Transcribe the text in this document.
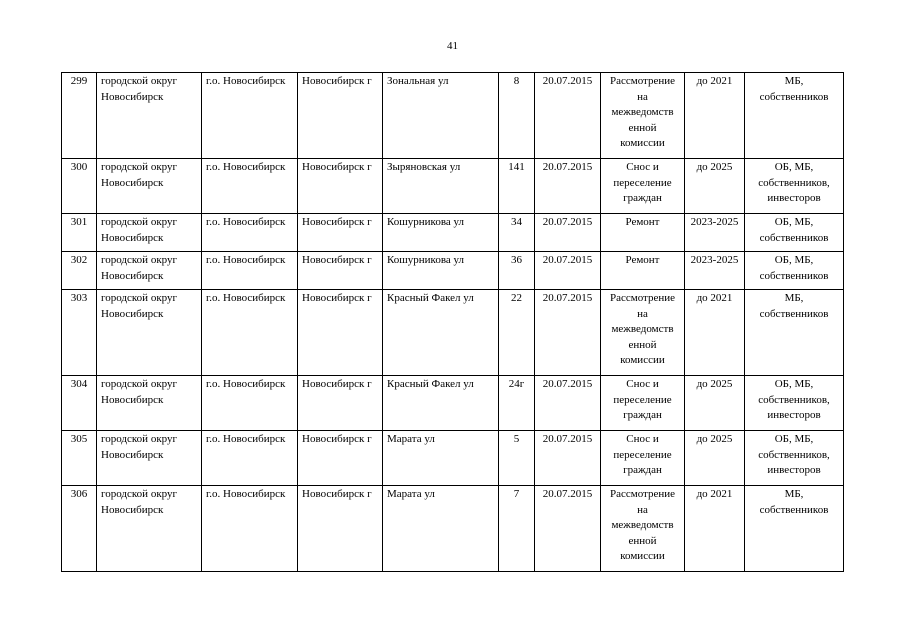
41
299	городской округ Новосибирск	г.о. Новосибирск	Новосибирск г	Зональная ул	8	20.07.2015	Рассмотрение на межведомств енной комиссии	до 2021	МБ, собственников
300	городской округ Новосибирск	г.о. Новосибирск	Новосибирск г	Зыряновская ул	141	20.07.2015	Снос и переселение граждан	до 2025	ОБ, МБ, собственников, инвесторов
301	городской округ Новосибирск	г.о. Новосибирск	Новосибирск г	Кошурникова ул	34	20.07.2015	Ремонт	2023-2025	ОБ, МБ, собственников
302	городской округ Новосибирск	г.о. Новосибирск	Новосибирск г	Кошурникова ул	36	20.07.2015	Ремонт	2023-2025	ОБ, МБ, собственников
303	городской округ Новосибирск	г.о. Новосибирск	Новосибирск г	Красный Факел ул	22	20.07.2015	Рассмотрение на межведомств енной комиссии	до 2021	МБ, собственников
304	городской округ Новосибирск	г.о. Новосибирск	Новосибирск г	Красный Факел ул	24г	20.07.2015	Снос и переселение граждан	до 2025	ОБ, МБ, собственников, инвесторов
305	городской округ Новосибирск	г.о. Новосибирск	Новосибирск г	Марата ул	5	20.07.2015	Снос и переселение граждан	до 2025	ОБ, МБ, собственников, инвесторов
306	городской округ Новосибирск	г.о. Новосибирск	Новосибирск г	Марата ул	7	20.07.2015	Рассмотрение на межведомств енной комиссии	до 2021	МБ, собственников
